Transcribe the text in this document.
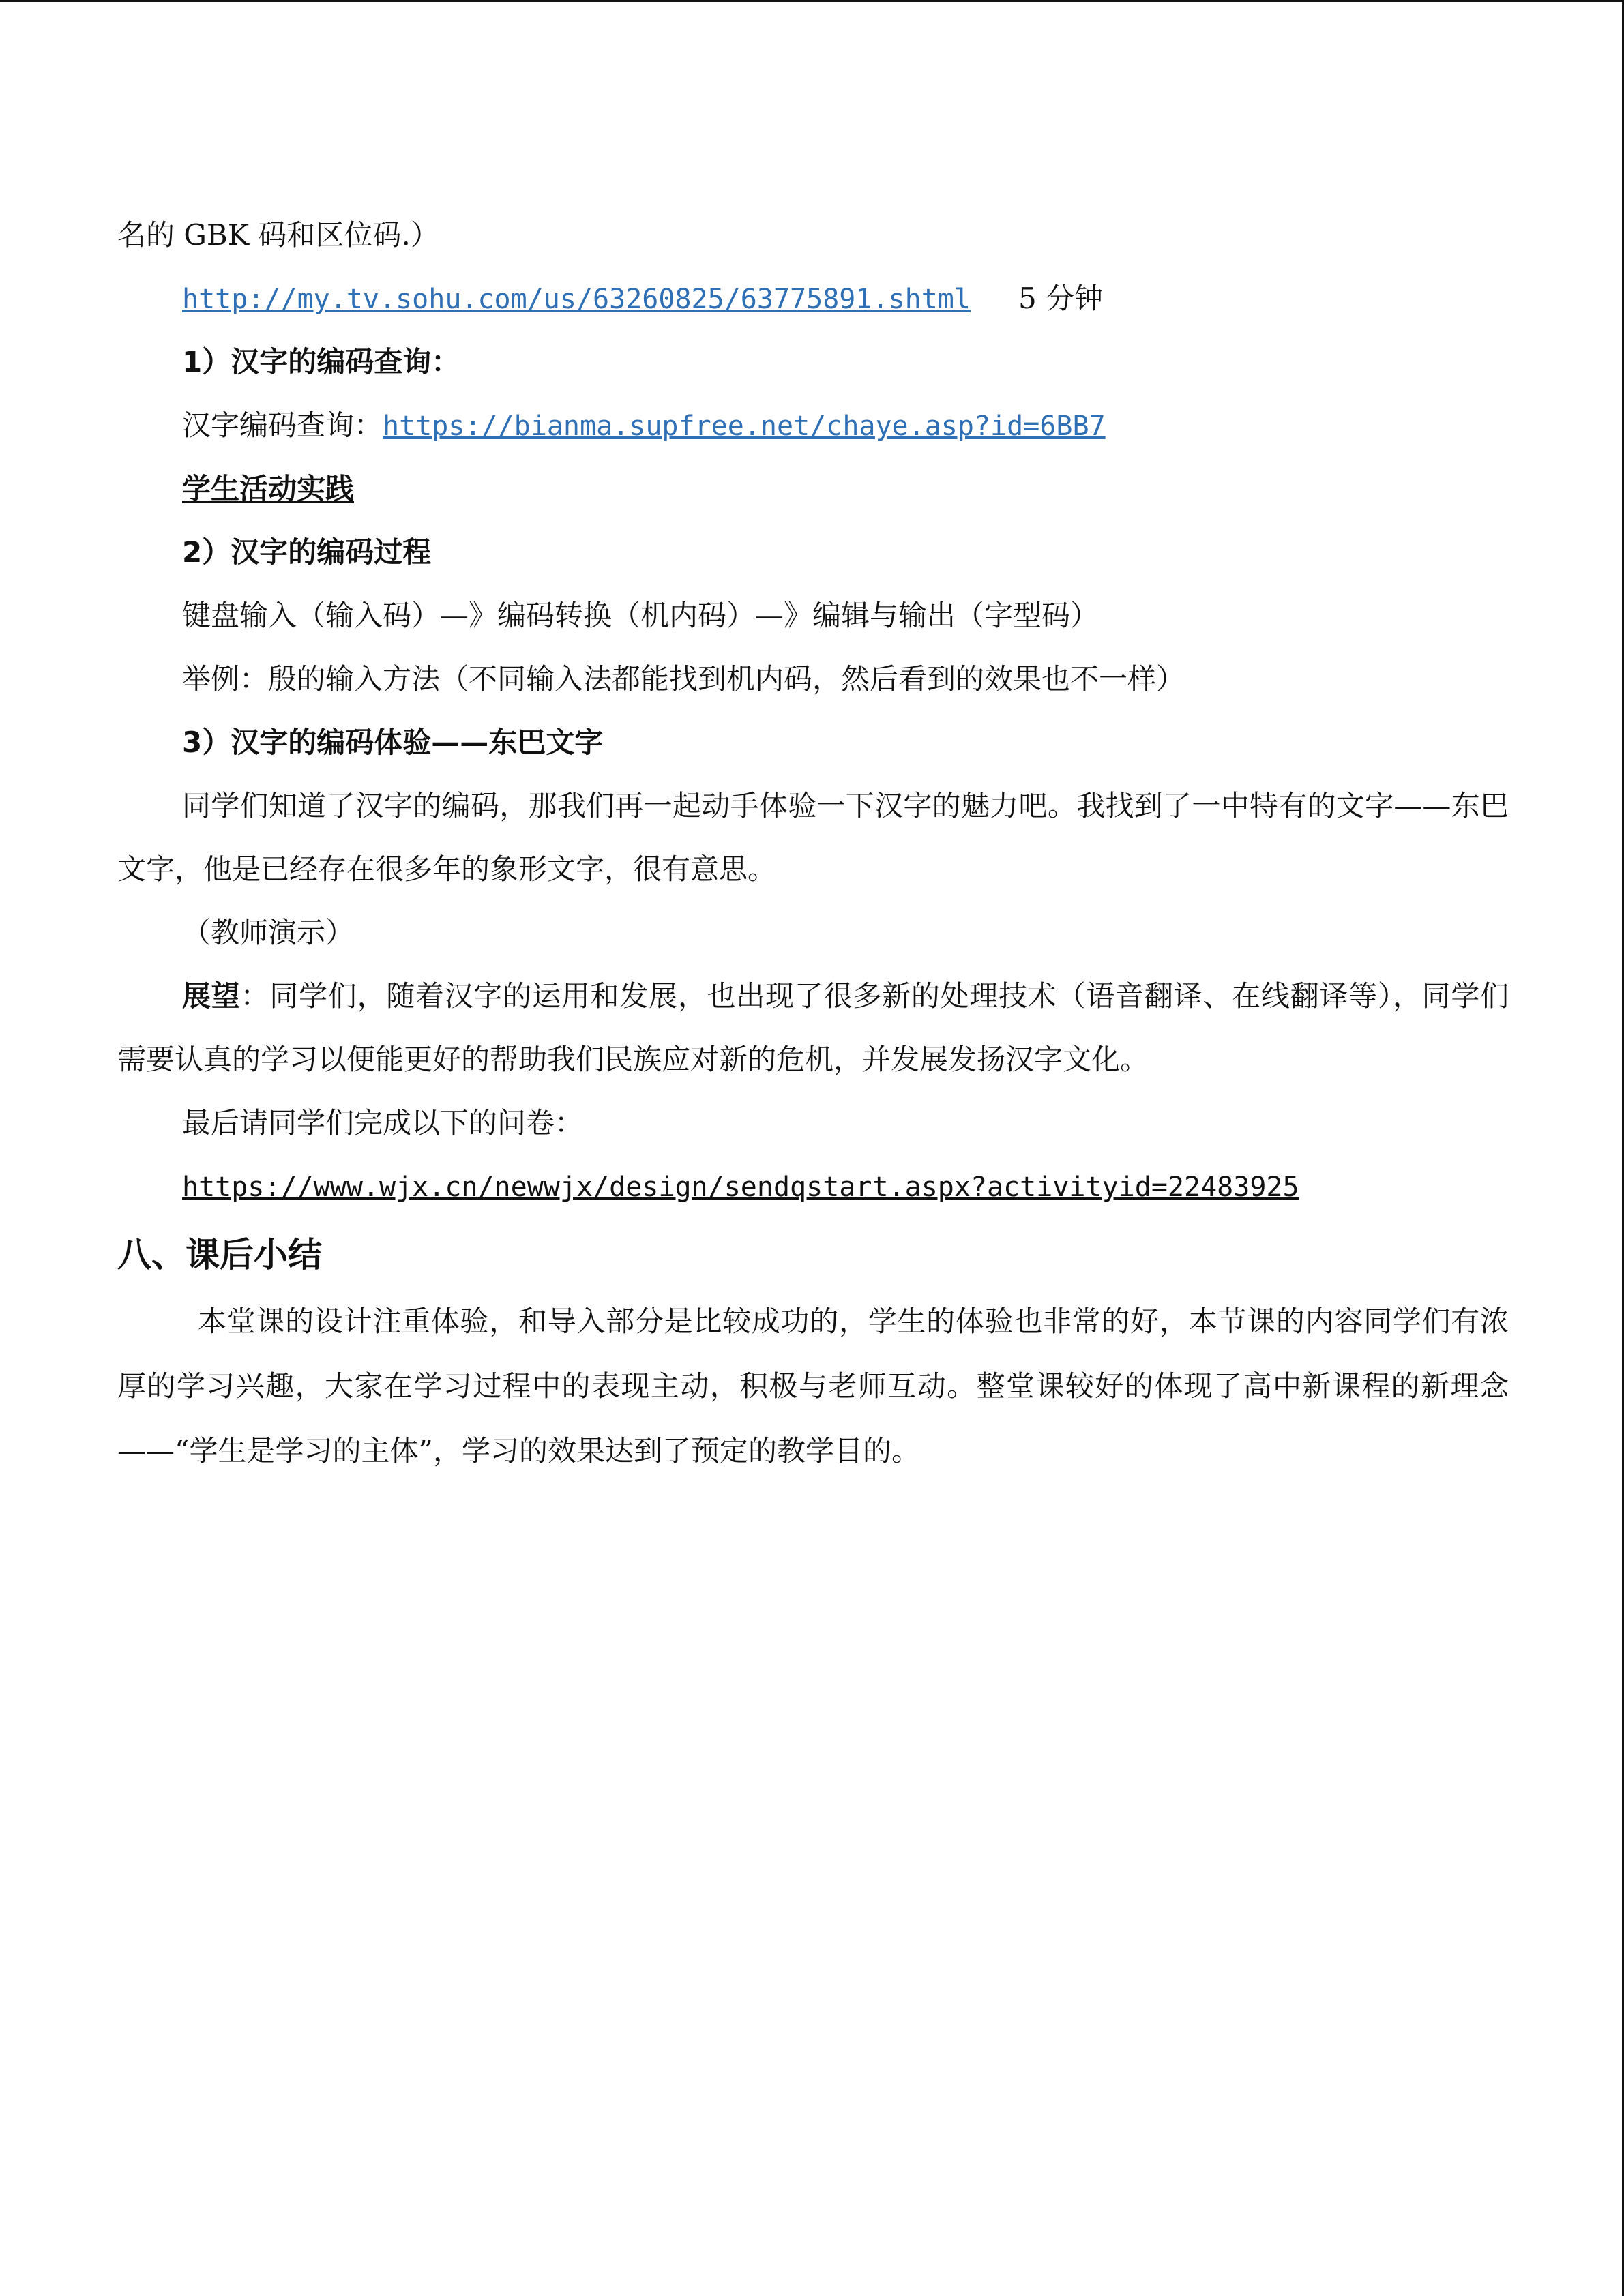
名的 GBK 码和区位码.）
http://my.tv.sohu.com/us/63260825/63775891.shtml 5 分钟
1）汉字的编码查询：
汉字编码查询：https://bianma.supfree.net/chaye.asp?id=6BB7
学生活动实践
2）汉字的编码过程
键盘输入（输入码）—》编码转换（机内码）—》编辑与输出（字型码）
举例：殷的输入方法（不同输入法都能找到机内码，然后看到的效果也不一样）
3）汉字的编码体验——东巴文字

同学们知道了汉字的编码，那我们再一起动手体验一下汉字的魅力吧。我找到了一中特有的文字——东巴文字，他是已经存在很多年的象形文字，很有意思。

（教师演示）

展望：同学们，随着汉字的运用和发展，也出现了很多新的处理技术（语音翻译、在线翻译等），同学们需要认真的学习以便能更好的帮助我们民族应对新的危机，并发展发扬汉字文化。

最后请同学们完成以下的问卷：
https://www.wjx.cn/newwjx/design/sendqstart.aspx?activityid=22483925
八、课后小结

本堂课的设计注重体验，和导入部分是比较成功的，学生的体验也非常的好，本节课的内容同学们有浓厚的学习兴趣，大家在学习过程中的表现主动，积极与老师互动。整堂课较好的体现了高中新课程的新理念——“学生是学习的主体”，学习的效果达到了预定的教学目的。
